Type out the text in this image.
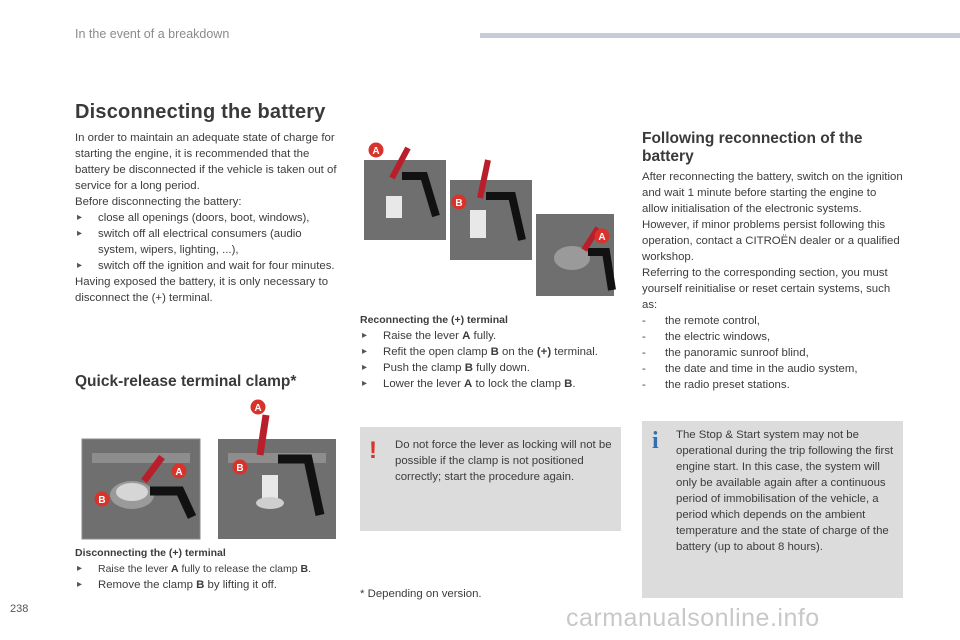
In the event of a breakdown
Disconnecting the battery

In order to maintain an adequate state of charge for starting the engine, it is recommended that the battery be disconnected if the vehicle is taken out of service for a long period.

Before disconnecting the battery:

▸ close all openings (doors, boot, windows),

▸ switch off all electrical consumers (audio system, wipers, lighting, ...),

▸ switch off the ignition and wait for four minutes.

Having exposed the battery, it is only necessary to disconnect the (+) terminal.

Quick-release terminal clamp*
B
A	B
A

Disconnecting the (+) terminal

▸ Raise the lever A fully to release the clamp B.

▸ Remove the clamp B by lifting it off.

A
B
A

Reconnecting the (+) terminal

▸ Raise the lever A fully.

▸ Refit the open clamp B on the (+) terminal.

▸ Push the clamp B fully down.

▸ Lower the lever A to lock the clamp B.

! Do not force the lever as locking will not be possible if the clamp is not positioned correctly; start the procedure again.
* Depending on version.
Following reconnection of the battery

After reconnecting the battery, switch on the ignition and wait 1 minute before starting the engine to allow initialisation of the electronic systems.

However, if minor problems persist following this operation, contact a CITROËN dealer or a qualified workshop.

Referring to the corresponding section, you must yourself reinitialise or reset certain systems, such as:

- the remote control,

- the electric windows,

- the panoramic sunroof blind,

- the date and time in the audio system,

- the radio preset stations.

i The Stop & Start system may not be operational during the trip following the first engine start. In this case, the system will only be available again after a continuous period of immobilisation of the vehicle, a period which depends on the ambient temperature and the state of charge of the battery (up to about 8 hours).
238	carmanualsonline.info
